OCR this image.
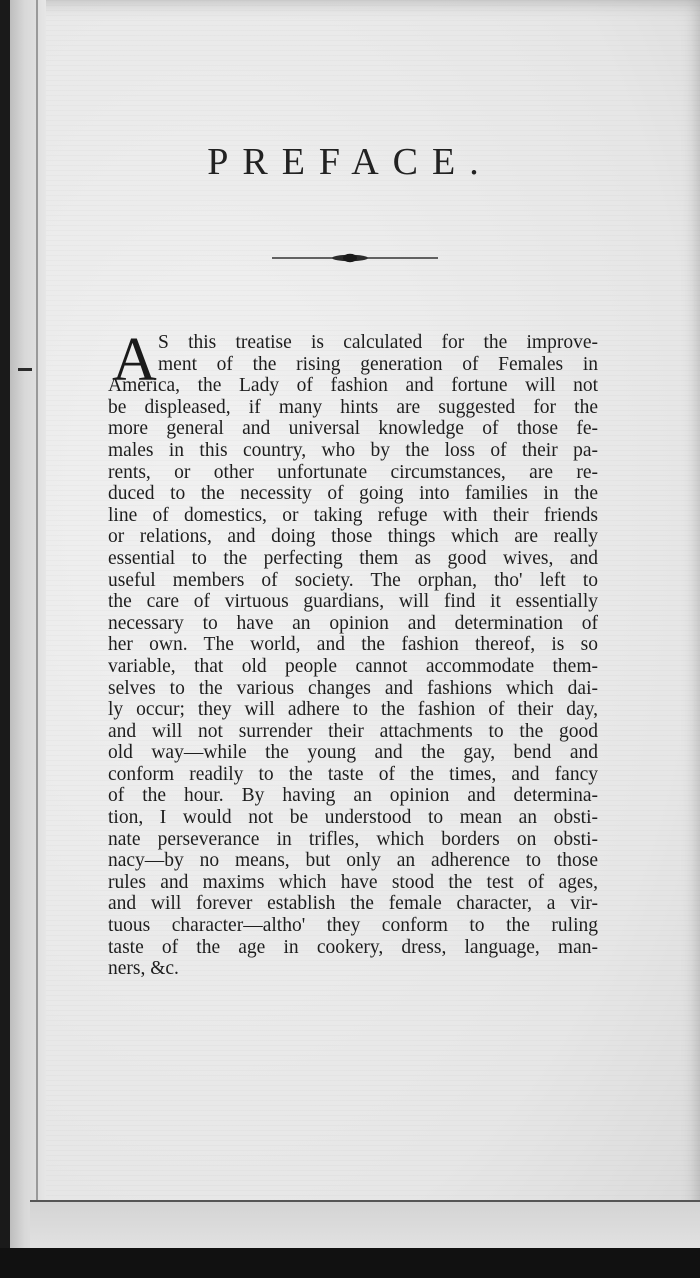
PREFACE.
A S this treatise is calculated for the improve-
ment of the rising generation of Females in
America, the Lady of fashion and fortune will not
be displeased, if many hints are suggested for the
more general and universal knowledge of those fe-
males in this country, who by the loss of their pa-
rents, or other unfortunate circumstances, are re-
duced to the necessity of going into families in the
line of domestics, or taking refuge with their friends
or relations, and doing those things which are really
essential to the perfecting them as good wives, and
useful members of society. The orphan, tho' left to
the care of virtuous guardians, will find it essentially
necessary to have an opinion and determination of
her own. The world, and the fashion thereof, is so
variable, that old people cannot accommodate them-
selves to the various changes and fashions which dai-
ly occur; they will adhere to the fashion of their day,
and will not surrender their attachments to the good
old way—while the young and the gay, bend and
conform readily to the taste of the times, and fancy
of the hour. By having an opinion and determina-
tion, I would not be understood to mean an obsti-
nate perseverance in trifles, which borders on obsti-
nacy—by no means, but only an adherence to those
rules and maxims which have stood the test of ages,
and will forever establish the female character, a vir-
tuous character—altho' they conform to the ruling
taste of the age in cookery, dress, language, man-
ners, &c.
